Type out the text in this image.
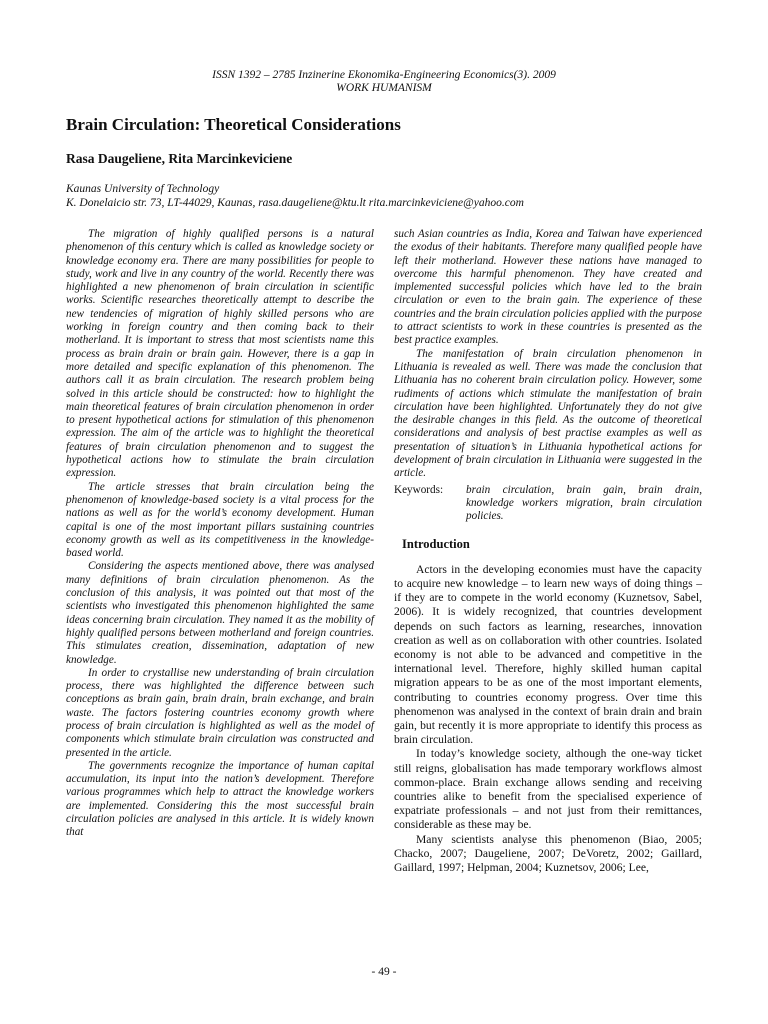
ISSN 1392 – 2785 Inzinerine Ekonomika-Engineering Economics(3). 2009
WORK HUMANISM
Brain Circulation: Theoretical Considerations
Rasa Daugeliene, Rita Marcinkeviciene
Kaunas University of Technology
K. Donelaicio str. 73, LT-44029, Kaunas, rasa.daugeliene@ktu.lt rita.marcinkeviciene@yahoo.com

The migration of highly qualified persons is a natural phenomenon of this century which is called as knowledge society or knowledge economy era. There are many possibilities for people to study, work and live in any country of the world. Recently there was highlighted a new phenomenon of brain circulation in scientific works. Scientific researches theoretically attempt to describe the new tendencies of migration of highly skilled persons who are working in foreign country and then coming back to their motherland. It is important to stress that most scientists name this process as brain drain or brain gain. However, there is a gap in more detailed and specific explanation of this phenomenon. The authors call it as brain circulation. The research problem being solved in this article should be constructed: how to highlight the main theoretical features of brain circulation phenomenon in order to present hypothetical actions for stimulation of this phenomenon expression. The aim of the article was to highlight the theoretical features of brain circulation phenomenon and to suggest the hypothetical actions how to stimulate the brain circulation expression.

The article stresses that brain circulation being the phenomenon of knowledge-based society is a vital process for the nations as well as for the world’s economy development. Human capital is one of the most important pillars sustaining countries economy growth as well as its competitiveness in the knowledge-based world.

Considering the aspects mentioned above, there was analysed many definitions of brain circulation phenomenon. As the conclusion of this analysis, it was pointed out that most of the scientists who investigated this phenomenon highlighted the same ideas concerning brain circulation. They named it as the mobility of highly qualified persons between motherland and foreign countries. This stimulates creation, dissemination, adaptation of new knowledge.

In order to crystallise new understanding of brain circulation process, there was highlighted the difference between such conceptions as brain gain, brain drain, brain exchange, and brain waste. The factors fostering countries economy growth where process of brain circulation is highlighted as well as the model of components which stimulate brain circulation was constructed and presented in the article.

The governments recognize the importance of human capital accumulation, its input into the nation’s development. Therefore various programmes which help to attract the knowledge workers are implemented. Considering this the most successful brain circulation policies are analysed in this article. It is widely known that

such Asian countries as India, Korea and Taiwan have experienced the exodus of their habitants. Therefore many qualified people have left their motherland. However these nations have managed to overcome this harmful phenomenon. They have created and implemented successful policies which have led to the brain circulation or even to the brain gain. The experience of these countries and the brain circulation policies applied with the purpose to attract scientists to work in these countries is presented as the best practice examples.

The manifestation of brain circulation phenomenon in Lithuania is revealed as well. There was made the conclusion that Lithuania has no coherent brain circulation policy. However, some rudiments of actions which stimulate the manifestation of brain circulation have been highlighted. Unfortunately they do not give the desirable changes in this field. As the outcome of theoretical considerations and analysis of best practise examples as well as presentation of situation’s in Lithuania hypothetical actions for development of brain circulation in Lithuania were suggested in the article.

Keywords:	brain circulation, brain gain, brain drain, knowledge workers migration, brain circulation policies.
Introduction

Actors in the developing economies must have the capacity to acquire new knowledge – to learn new ways of doing things – if they are to compete in the world economy (Kuznetsov, Sabel, 2006). It is widely recognized, that countries development depends on such factors as learning, researches, innovation creation as well as on collaboration with other countries. Isolated economy is not able to be advanced and competitive in the international level. Therefore, highly skilled human capital migration appears to be as one of the most important elements, contributing to countries economy progress. Over time this phenomenon was analysed in the context of brain drain and brain gain, but recently it is more appropriate to identify this process as brain circulation.

In today’s knowledge society, although the one-way ticket still reigns, globalisation has made temporary workflows almost common-place. Brain exchange allows sending and receiving countries alike to benefit from the specialised experience of expatriate professionals – and not just from their remittances, considerable as these may be.

Many scientists analyse this phenomenon (Biao, 2005; Chacko, 2007; Daugeliene, 2007; DeVoretz, 2002; Gaillard, Gaillard, 1997; Helpman, 2004; Kuznetsov, 2006; Lee,

- 49 -
